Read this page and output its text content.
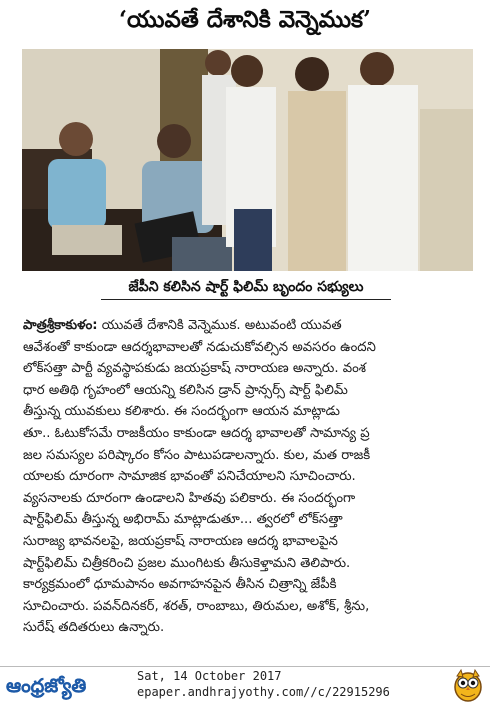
‘యువతే దేశానికి వెన్నెముక’
జేపీని కలిసిన షార్ట్ ఫిలిమ్ బృందం సభ్యులు
పాత్రశ్రీకాకుళం: యువతే దేశానికి వెన్నెముక. అటువంటి యువత
ఆవేశంతో కాకుండా ఆదర్శభావాలతో నడుచుకోవల్సిన అవసరం ఉందని
లోక్‌సత్తా పార్టీ వ్యవస్థాపకుడు జయప్రకాష్ నారాయణ అన్నారు. వంశ
ధార అతిథి గృహంలో ఆయన్ని కలిసిన డ్రాన్ ప్రాన్సర్స్ షార్ట్ ఫిలిమ్
తీస్తున్న యువకులు కలిశారు. ఈ సందర్భంగా ఆయన మాట్లాడు
తూ.. ఓటుకోసమే రాజకీయం కాకుండా ఆదర్శ భావాలతో సామాన్య ప్ర
జల సమస్యల పరిష్కారం కోసం పాటుపడాలన్నారు. కుల, మత రాజకీ
యాలకు దూరంగా సామాజిక భావంతో పనిచేయాలని సూచించారు.
వ్యసనాలకు దూరంగా ఉండాలని హితవు పలికారు. ఈ సందర్భంగా
షార్ట్‌ఫిలిమ్ తీస్తున్న అభిరామ్ మాట్లాడుతూ... త్వరలో లోక్‌సత్తా
సురాజ్య భావనలపై, జయప్రకాష్ నారాయణ ఆదర్శ భావాలపైన
షార్ట్‌ఫిలిమ్ చిత్రీకరించి ప్రజల ముంగిటకు తీసుకెళ్తామని తెలిపారు.
కార్యక్రమంలో ధూమపానం అవగాహనపైన తీసిన చిత్రాన్ని జేపీకి
సూచించారు. పవన్‌దినకర్, శరత్, రాంబాబు, తిరుమల, అశోక్, శ్రీను,
సురేష్ తదితరులు ఉన్నారు.
ఆంధ్రజ్యోతి	Sat, 14 October 2017
epaper.andhrajyothy.com//c/22915296
